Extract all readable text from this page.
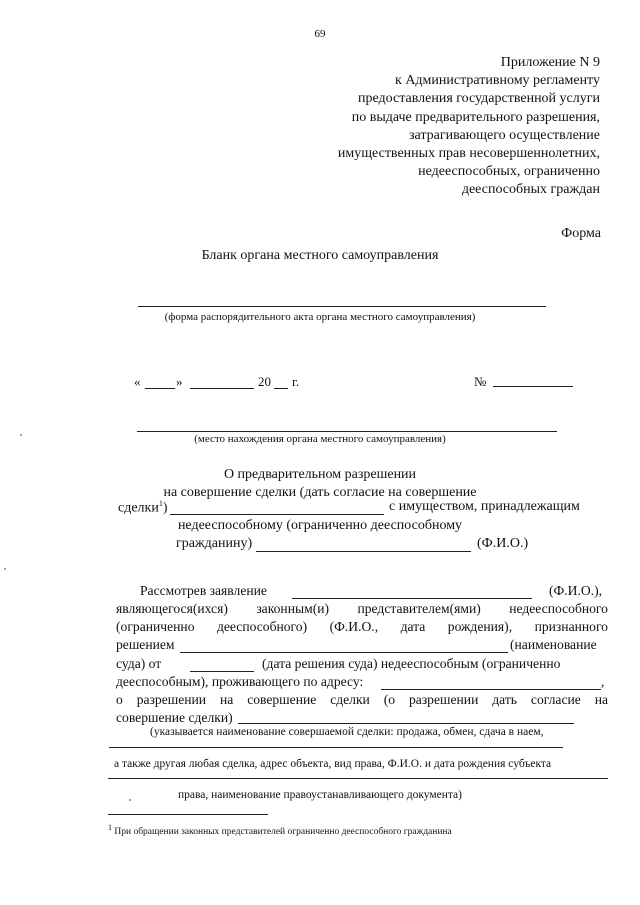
69
Приложение N 9
к Административному регламенту
предоставления государственной услуги
по выдаче предварительного разрешения,
затрагивающего осуществление
имущественных прав несовершеннолетних,
недееспособных, ограниченно
дееспособных граждан
Форма
Бланк органа местного самоуправления
(форма распорядительного акта органа местного самоуправления)
«	»	20 г.	№
(место нахождения органа местного самоуправления)
О предварительном разрешении
на совершение сделки (дать согласие на совершение
сделки$^1$)	с имуществом, принадлежащим
недееспособному (ограниченно дееспособному
гражданину)	(Ф.И.О.)
Рассмотрев заявление	(Ф.И.О.),
являющегося(ихся) законным(и) представителем(ями) недееспособного
(ограниченно дееспособного) (Ф.И.О., дата рождения), признанного
решением	(наименование
суда) от	(дата решения суда) недееспособным (ограниченно
дееспособным), проживающего по адресу:	,
о разрешении на совершение сделки (о разрешении дать согласие на
совершение сделки)
(указывается наименование совершаемой сделки: продажа, обмен, сдача в наем,
а также другая любая сделка, адрес объекта, вид права, Ф.И.О. и дата рождения субъекта
права, наименование правоустанавливающего документа)
$^1$ При обращении законных представителей ограниченно дееспособного гражданина
